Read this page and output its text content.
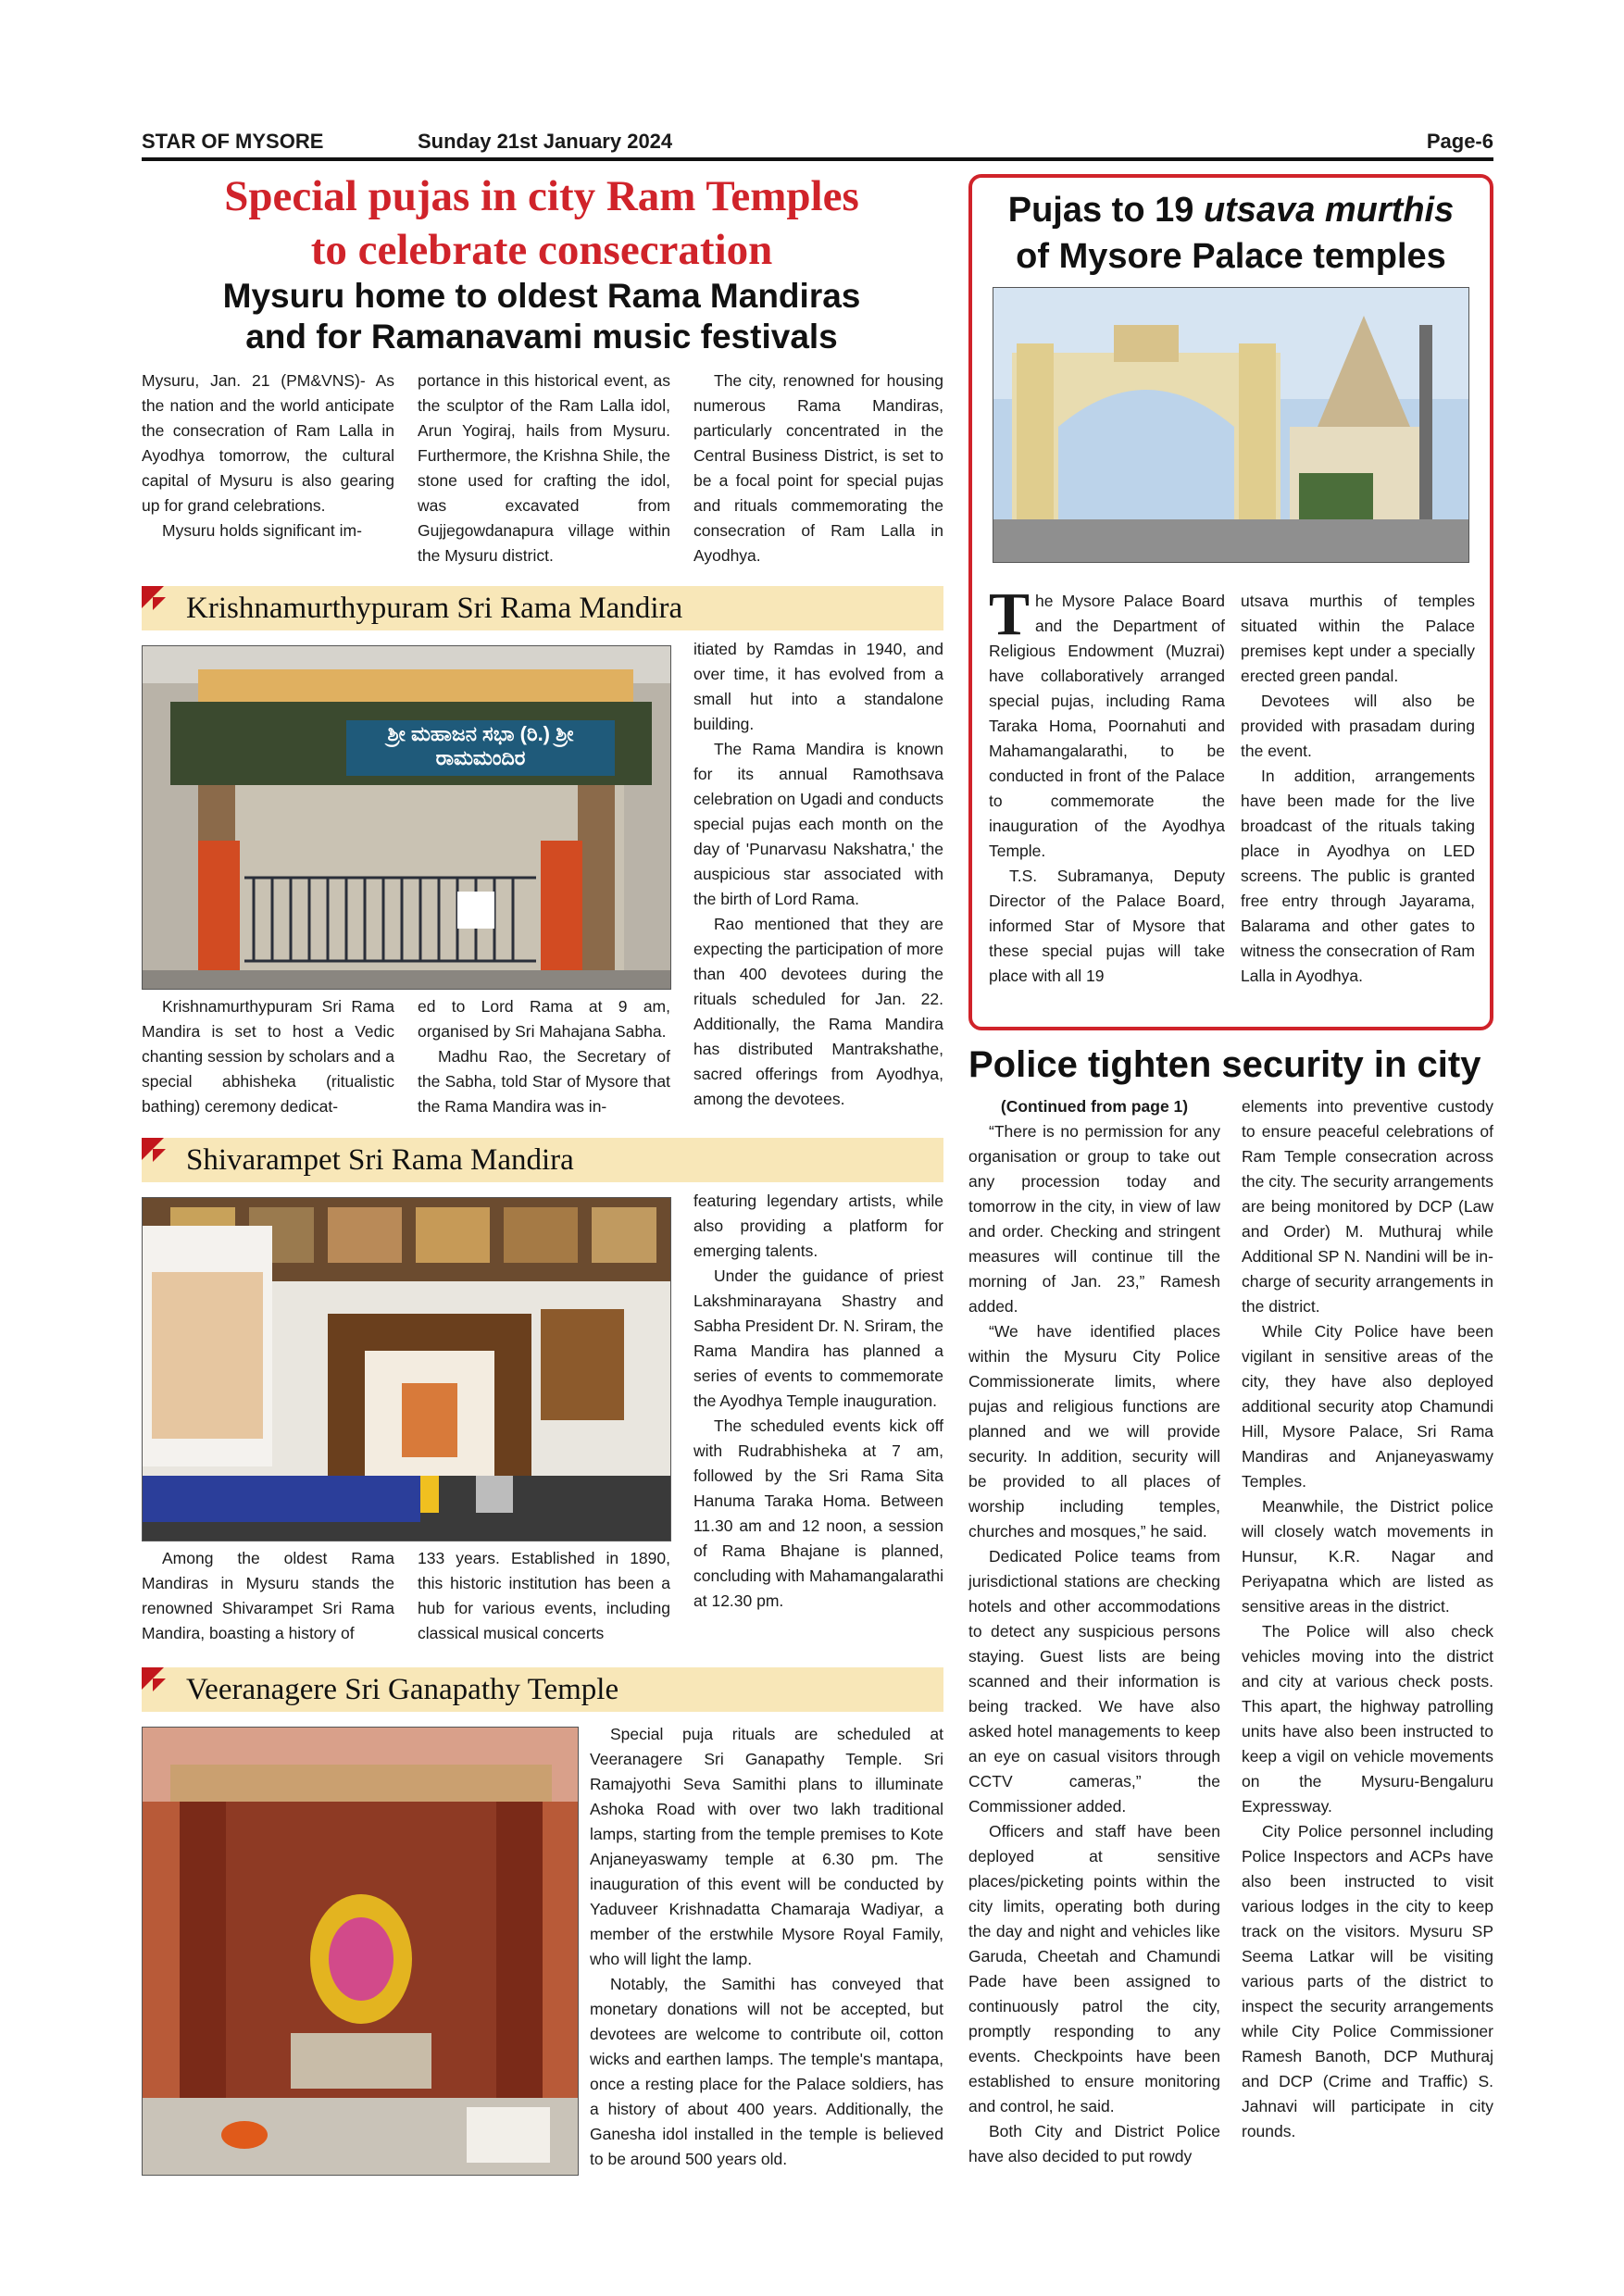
STAR OF MYSORE	Sunday 21st January 2024	Page-6
Special pujas in city Ram Temples
to celebrate consecration
Mysuru home to oldest Rama Mandiras
and for Ramanavami music festivals

Mysuru, Jan. 21 (PM&VNS)- As the nation and the world anticipate the consecration of Ram Lalla in Ayodhya tomorrow, the cultural capital of Mysuru is also gearing up for grand celebrations.

Mysuru holds significant im-

portance in this historical event, as the sculptor of the Ram Lalla idol, Arun Yogiraj, hails from Mysuru. Furthermore, the Krishna Shile, the stone used for crafting the idol, was excavated from Gujjegowdanapura village within the Mysuru district.

The city, renowned for housing numerous Rama Mandiras, particularly concentrated in the Central Business District, is set to be a focal point for special pujas and rituals commemorating the consecration of Ram Lalla in Ayodhya.

Krishnamurthypuram Sri Rama Mandira
ಶ್ರೀ ಮಹಾಜನ ಸಭಾ (ರಿ.) ಶ್ರೀ ರಾಮಮಂದಿರ

itiated by Ramdas in 1940, and over time, it has evolved from a small hut into a standalone building.

The Rama Mandira is known for its annual Ramothsava celebration on Ugadi and conducts special pujas each month on the day of 'Punarvasu Nakshatra,' the auspicious star associated with the birth of Lord Rama.

Rao mentioned that they are expecting the participation of more than 400 devotees during the rituals scheduled for Jan. 22. Additionally, the Rama Mandira has distributed Mantrakshathe, sacred offerings from Ayodhya, among the devotees.

Krishnamurthypuram Sri Rama Mandira is set to host a Vedic chanting session by scholars and a special abhisheka (ritualistic bathing) ceremony dedicat-

ed to Lord Rama at 9 am, organised by Sri Mahajana Sabha.

Madhu Rao, the Secretary of the Sabha, told Star of Mysore that the Rama Mandira was in-

Shivarampet Sri Rama Mandira

featuring legendary artists, while also providing a platform for emerging talents.

Under the guidance of priest Lakshminarayana Shastry and Sabha President Dr. N. Sriram, the Rama Mandira has planned a series of events to commemorate the Ayodhya Temple inauguration.

The scheduled events kick off with Rudrabhisheka at 7 am, followed by the Sri Rama Sita Hanuma Taraka Homa. Between 11.30 am and 12 noon, a session of Rama Bhajane is planned, concluding with Mahamangalarathi at 12.30 pm.

Among the oldest Rama Mandiras in Mysuru stands the renowned Shivarampet Sri Rama Mandira, boasting a history of

133 years. Established in 1890, this historic institution has been a hub for various events, including classical musical concerts

Veeranagere Sri Ganapathy Temple

Special puja rituals are scheduled at Veeranagere Sri Ganapathy Temple. Sri Ramajyothi Seva Samithi plans to illuminate Ashoka Road with over two lakh traditional lamps, starting from the temple premises to Kote Anjaneyaswamy temple at 6.30 pm. The inauguration of this event will be conducted by Yaduveer Krishnadatta Chamaraja Wadiyar, a member of the erstwhile Mysore Royal Family, who will light the lamp.

Notably, the Samithi has conveyed that monetary donations will not be accepted, but devotees are welcome to contribute oil, cotton wicks and earthen lamps. The temple's mantapa, once a resting place for the Palace soldiers, has a history of about 400 years. Additionally, the Ganesha idol installed in the temple is believed to be around 500 years old.

Pujas to 19 utsava murthis
of Mysore Palace temples

The Mysore Palace Board and the Department of Religious Endowment (Muzrai) have collaboratively arranged special pujas, including Rama Taraka Homa, Poornahuti and Mahamangalarathi, to be conducted in front of the Palace to commemorate the inauguration of the Ayodhya Temple.

T.S. Subramanya, Deputy Director of the Palace Board, informed Star of Mysore that these special pujas will take place with all 19

utsava murthis of temples situated within the Palace premises kept under a specially erected green pandal.

Devotees will also be provided with prasadam during the event.

In addition, arrangements have been made for the live broadcast of the rituals taking place in Ayodhya on LED screens. The public is granted free entry through Jayarama, Balarama and other gates to witness the consecration of Ram Lalla in Ayodhya.

Police tighten security in city

(Continued from page 1)

“There is no permission for any organisation or group to take out any procession today and tomorrow in the city, in view of law and order. Checking and stringent measures will continue till the morning of Jan. 23,” Ramesh added.

“We have identified places within the Mysuru City Police Commissionerate limits, where pujas and religious functions are planned and we will provide security. In addition, security will be provided to all places of worship including temples, churches and mosques,” he said.

Dedicated Police teams from jurisdictional stations are checking hotels and other accommodations to detect any suspicious persons staying. Guest lists are being scanned and their information is being tracked. We have also asked hotel managements to keep an eye on casual visitors through CCTV cameras,” the Commissioner added.

Officers and staff have been deployed at sensitive places/picketing points within the city limits, operating both during the day and night and vehicles like Garuda, Cheetah and Chamundi Pade have been assigned to continuously patrol the city, promptly responding to any events. Checkpoints have been established to ensure monitoring and control, he said.

Both City and District Police have also decided to put rowdy

elements into preventive custody to ensure peaceful celebrations of Ram Temple consecration across the city. The security arrangements are being monitored by DCP (Law and Order) M. Muthuraj while Additional SP N. Nandini will be in-charge of security arrangements in the district.

While City Police have been vigilant in sensitive areas of the city, they have also deployed additional security atop Chamundi Hill, Mysore Palace, Sri Rama Mandiras and Anjaneyaswamy Temples.

Meanwhile, the District police will closely watch movements in Hunsur, K.R. Nagar and Periyapatna which are listed as sensitive areas in the district.

The Police will also check vehicles moving into the district and city at various check posts. This apart, the highway patrolling units have also been instructed to keep a vigil on vehicle movements on the Mysuru-Bengaluru Expressway.

City Police personnel including Police Inspectors and ACPs have also been instructed to visit various lodges in the city to keep track on the visitors. Mysuru SP Seema Latkar will be visiting various parts of the district to inspect the security arrangements while City Police Commissioner Ramesh Banoth, DCP Muthuraj and DCP (Crime and Traffic) S. Jahnavi will participate in city rounds.
